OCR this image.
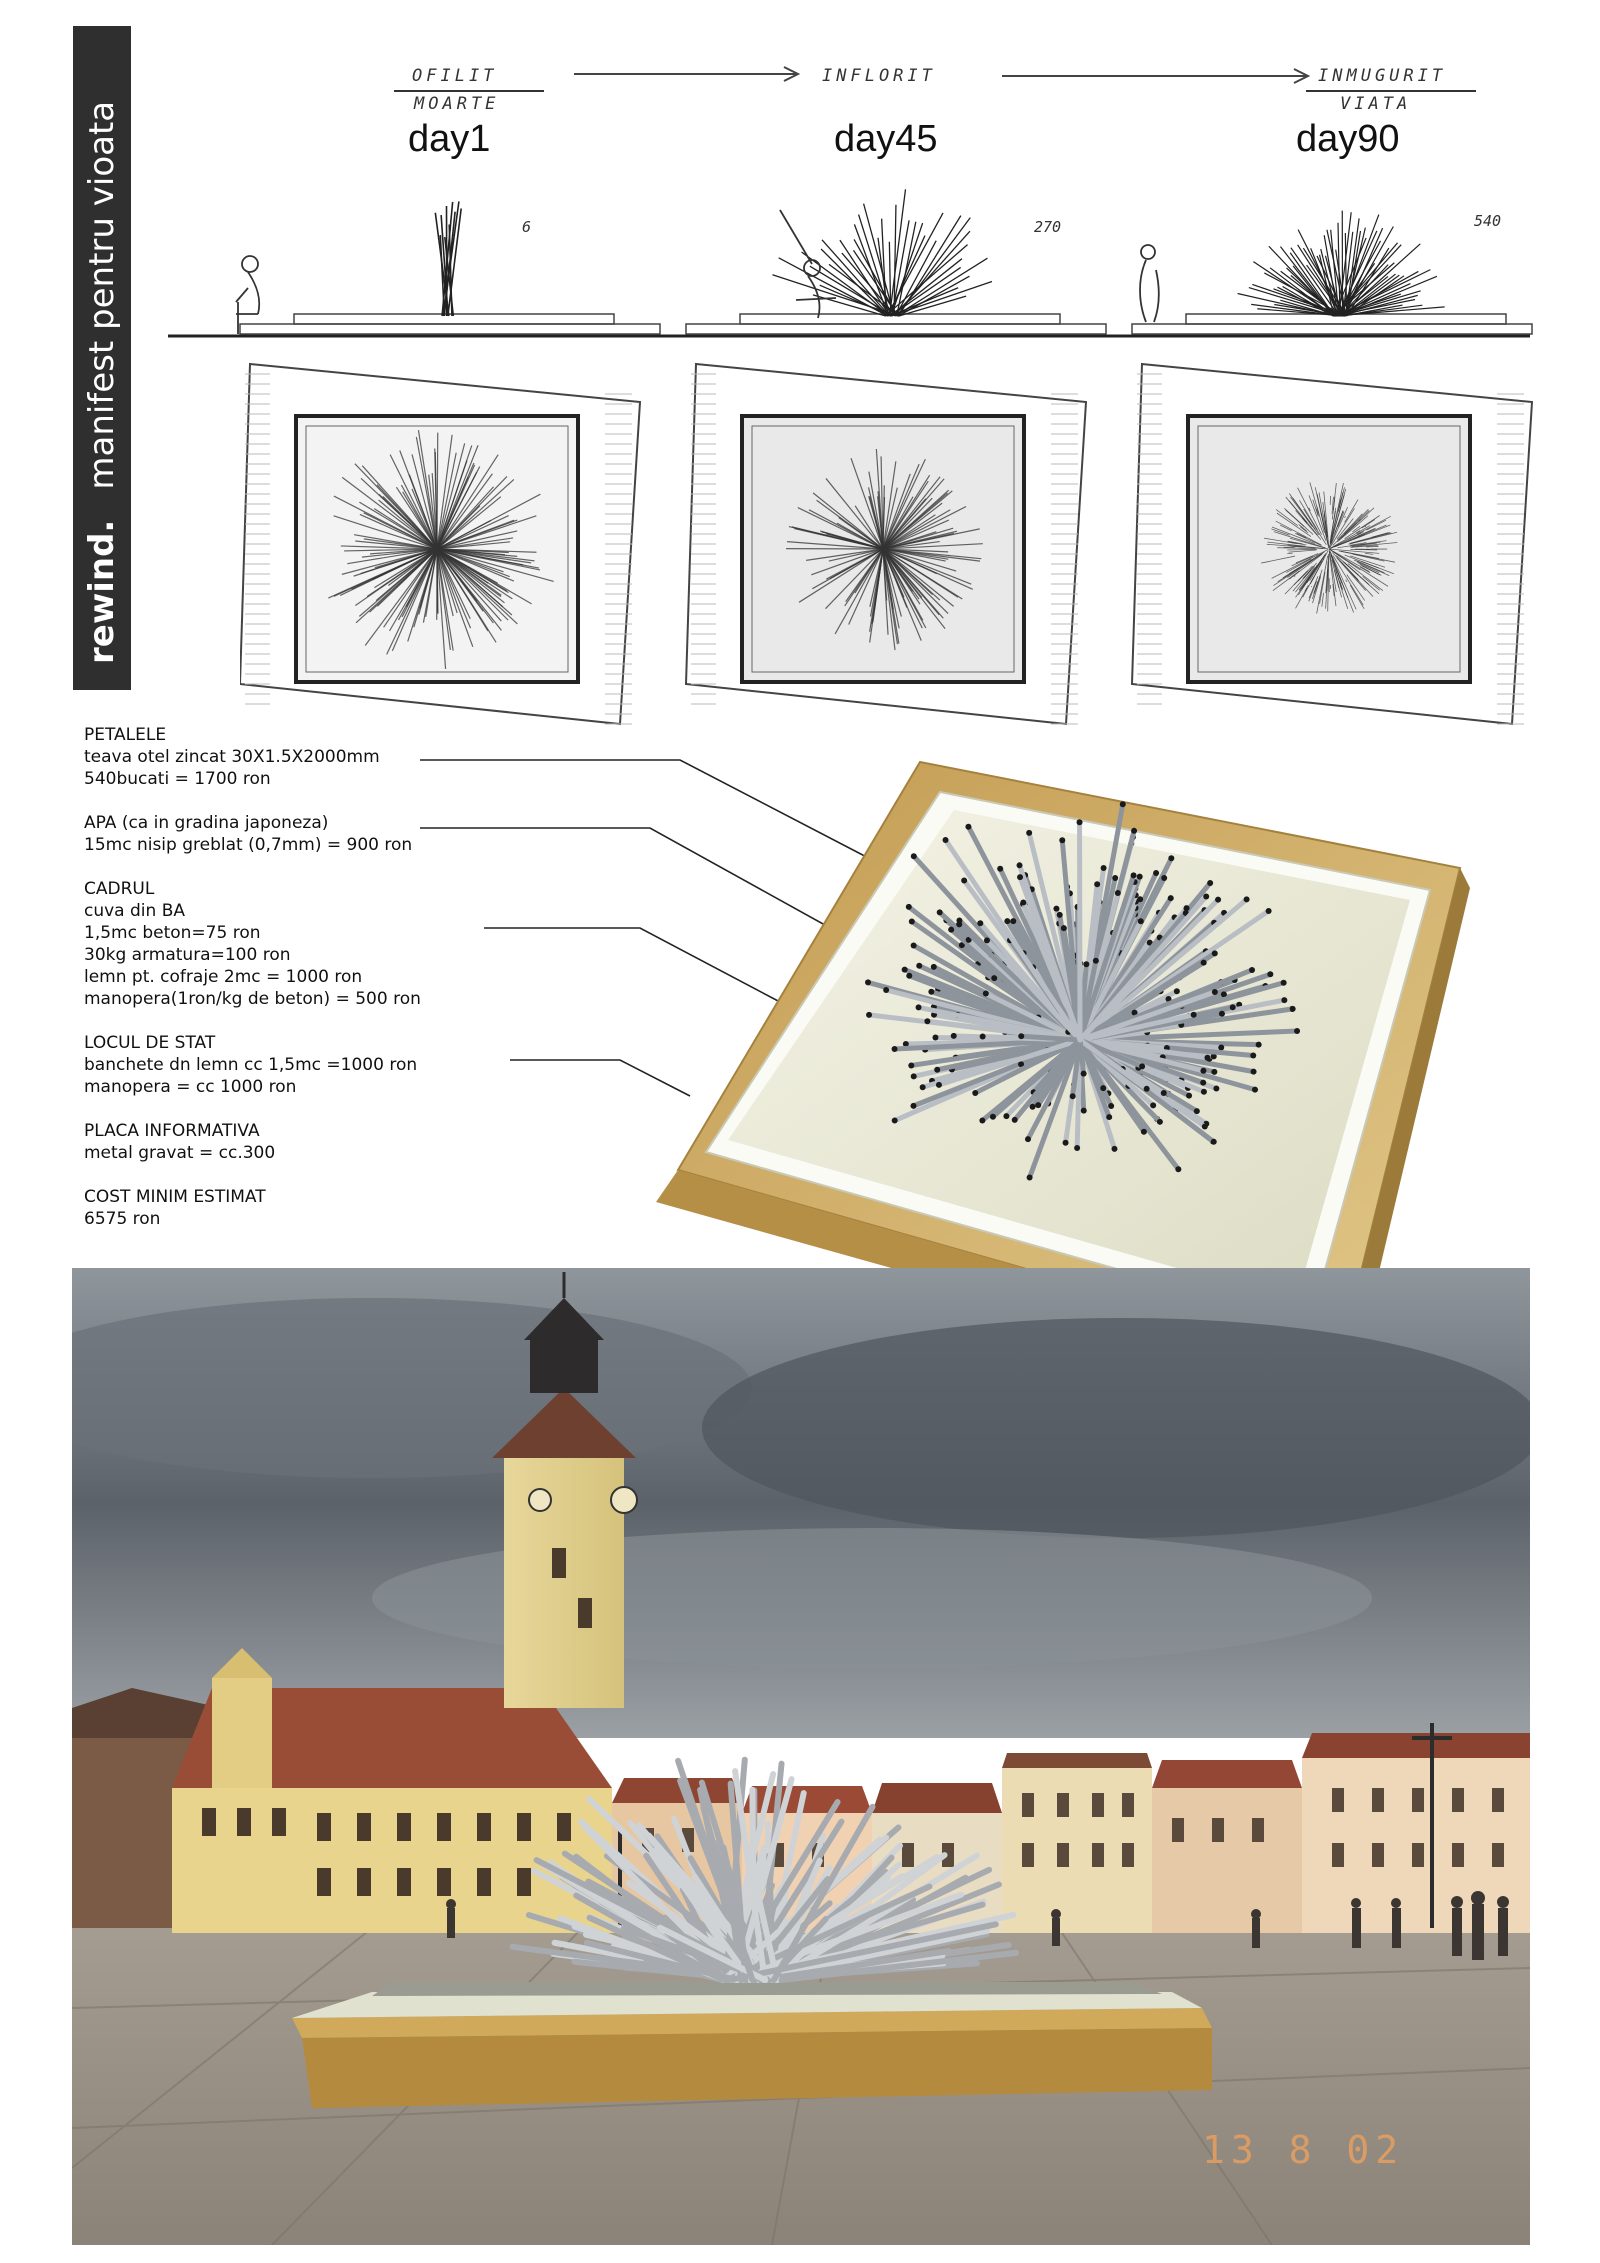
rewind.
manifest pentru vioata
OFILIT
MOARTE
INFLORIT	INMUGURIT
VIATA
day1	day45	day90
6	270	540
PETALELE
teava otel zincat 30X1.5X2000mm
540bucati = 1700 ron
APA (ca in gradina japoneza)
15mc nisip greblat (0,7mm) = 900 ron
CADRUL
cuva din BA
1,5mc beton=75 ron
30kg armatura=100 ron
lemn pt. cofraje 2mc = 1000 ron
manopera(1ron/kg de beton) = 500 ron
LOCUL DE STAT
banchete dn lemn cc 1,5mc =1000 ron
manopera = cc 1000 ron
PLACA INFORMATIVA
metal gravat = cc.300
COST MINIM ESTIMAT
6575 ron
13 8 02
